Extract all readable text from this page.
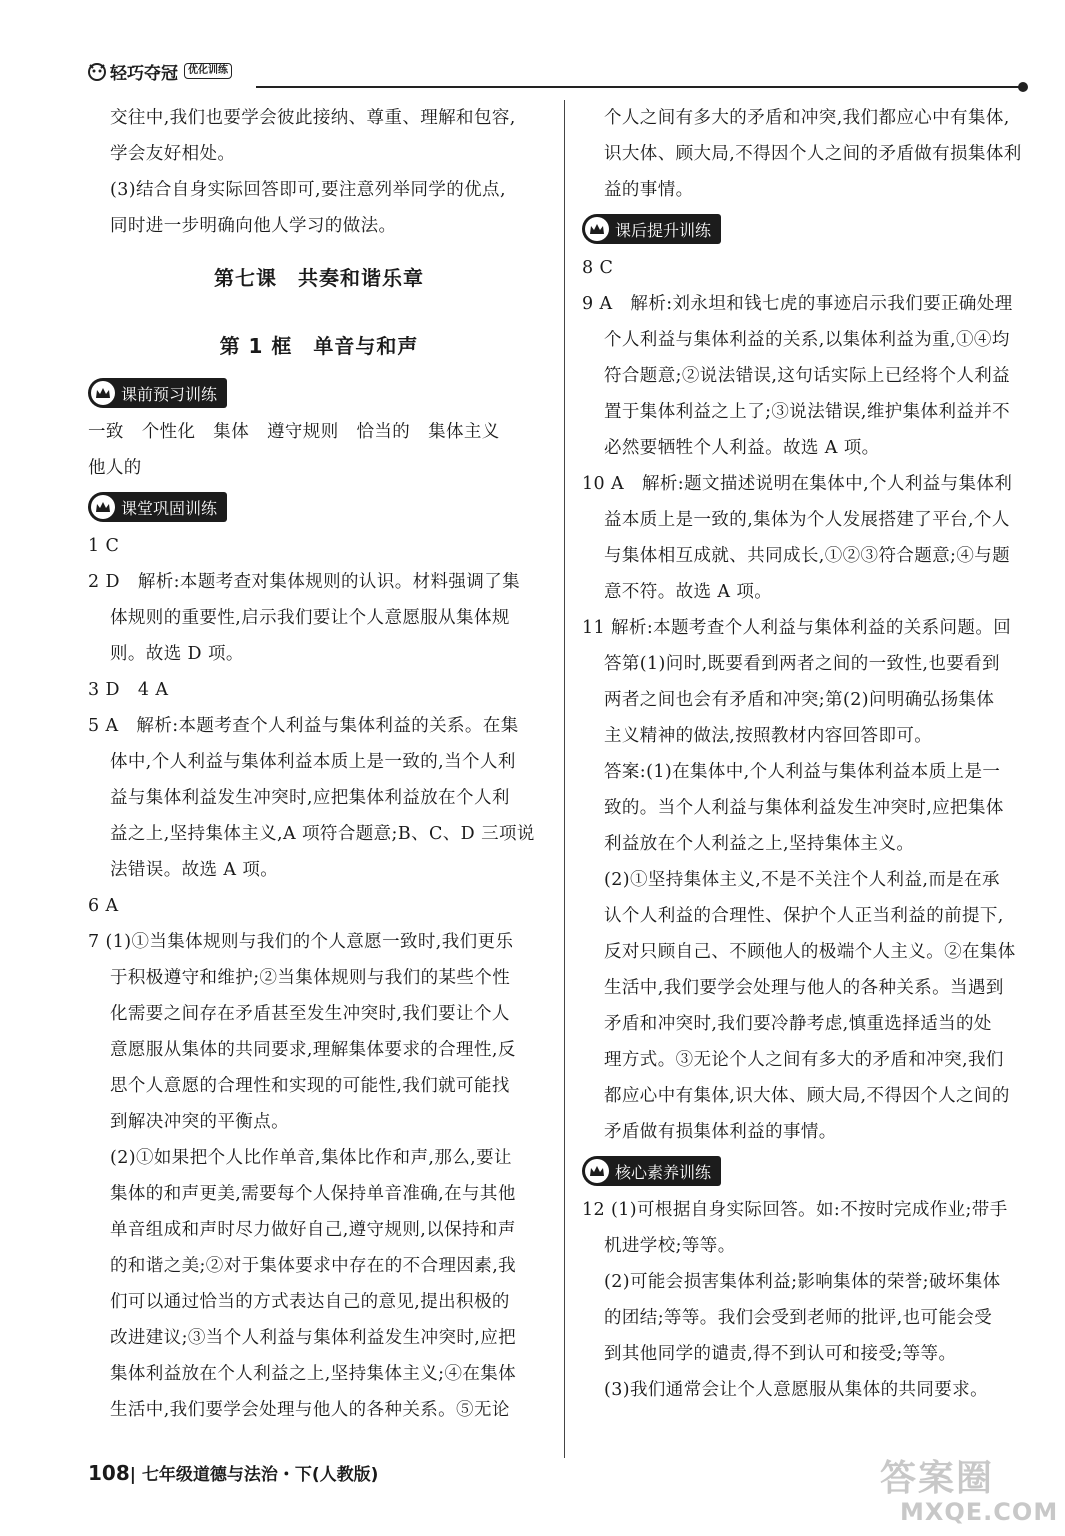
轻巧夺冠	优化训练
交往中,我们也要学会彼此接纳、尊重、理解和包容,
学会友好相处。
(3)结合自身实际回答即可,要注意列举同学的优点,
同时进一步明确向他人学习的做法。
第七课　共奏和谐乐章
第 1 框　单音与和声
课前预习训练
一致　个性化　集体　遵守规则　恰当的　集体主义
他人的
课堂巩固训练
1 C
2 D　解析:本题考查对集体规则的认识。材料强调了集
体规则的重要性,启示我们要让个人意愿服从集体规
则。故选 D 项。
3 D　4 A
5 A　解析:本题考查个人利益与集体利益的关系。在集
体中,个人利益与集体利益本质上是一致的,当个人利
益与集体利益发生冲突时,应把集体利益放在个人利
益之上,坚持集体主义,A 项符合题意;B、C、D 三项说
法错误。故选 A 项。
6 A
7 (1)①当集体规则与我们的个人意愿一致时,我们更乐
于积极遵守和维护;②当集体规则与我们的某些个性
化需要之间存在矛盾甚至发生冲突时,我们要让个人
意愿服从集体的共同要求,理解集体要求的合理性,反
思个人意愿的合理性和实现的可能性,我们就可能找
到解决冲突的平衡点。
(2)①如果把个人比作单音,集体比作和声,那么,要让
集体的和声更美,需要每个人保持单音准确,在与其他
单音组成和声时尽力做好自己,遵守规则,以保持和声
的和谐之美;②对于集体要求中存在的不合理因素,我
们可以通过恰当的方式表达自己的意见,提出积极的
改进建议;③当个人利益与集体利益发生冲突时,应把
集体利益放在个人利益之上,坚持集体主义;④在集体
生活中,我们要学会处理与他人的各种关系。⑤无论
个人之间有多大的矛盾和冲突,我们都应心中有集体,
识大体、顾大局,不得因个人之间的矛盾做有损集体利
益的事情。
课后提升训练
8 C
9 A　解析:刘永坦和钱七虎的事迹启示我们要正确处理
个人利益与集体利益的关系,以集体利益为重,①④均
符合题意;②说法错误,这句话实际上已经将个人利益
置于集体利益之上了;③说法错误,维护集体利益并不
必然要牺牲个人利益。故选 A 项。
10 A　解析:题文描述说明在集体中,个人利益与集体利
益本质上是一致的,集体为个人发展搭建了平台,个人
与集体相互成就、共同成长,①②③符合题意;④与题
意不符。故选 A 项。
11 解析:本题考查个人利益与集体利益的关系问题。回
答第(1)问时,既要看到两者之间的一致性,也要看到
两者之间也会有矛盾和冲突;第(2)问明确弘扬集体
主义精神的做法,按照教材内容回答即可。
答案:(1)在集体中,个人利益与集体利益本质上是一
致的。当个人利益与集体利益发生冲突时,应把集体
利益放在个人利益之上,坚持集体主义。
(2)①坚持集体主义,不是不关注个人利益,而是在承
认个人利益的合理性、保护个人正当利益的前提下,
反对只顾自己、不顾他人的极端个人主义。②在集体
生活中,我们要学会处理与他人的各种关系。当遇到
矛盾和冲突时,我们要冷静考虑,慎重选择适当的处
理方式。③无论个人之间有多大的矛盾和冲突,我们
都应心中有集体,识大体、顾大局,不得因个人之间的
矛盾做有损集体利益的事情。
核心素养训练
12 (1)可根据自身实际回答。如:不按时完成作业;带手
机进学校;等等。
(2)可能会损害集体利益;影响集体的荣誉;破坏集体
的团结;等等。我们会受到老师的批评,也可能会受
到其他同学的谴责,得不到认可和接受;等等。
(3)我们通常会让个人意愿服从集体的共同要求。
108| 七年级道德与法治・下(人教版)	答案圈
MXQE.COM
